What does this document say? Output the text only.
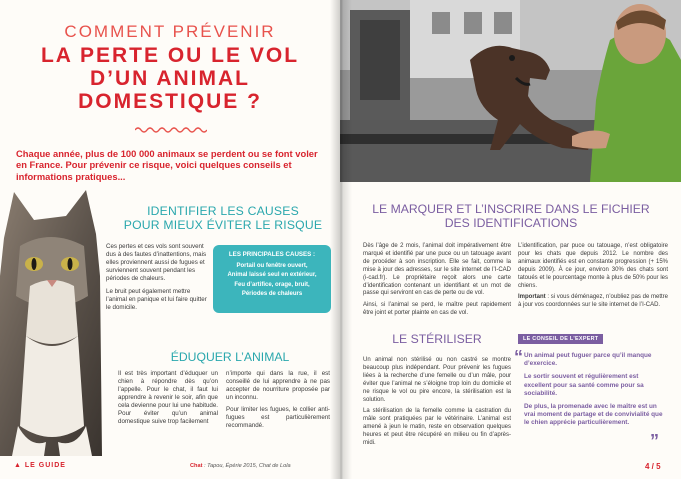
COMMENT PRÉVENIR
LA PERTE OU LE VOL
D’UN ANIMAL
DOMESTIQUE ?
Chaque année, plus de 100 000 animaux se perdent ou se font voler en France. Pour prévenir ce risque, voici quelques conseils et informations pratiques...
IDENTIFIER LES CAUSES
POUR MIEUX ÉVITER LE RISQUE

Ces pertes et ces vols sont souvent dus à des fautes d’inattentions, mais elles proviennent aussi de fugues et surviennent souvent pendant les périodes de chaleurs.

Le bruit peut également mettre l’animal en panique et lui faire quitter le domicile.

LES PRINCIPALES CAUSES :
Portail ou fenêtre ouvert,
Animal laissé seul en extérieur,
Feu d’artifice, orage, bruit,
Périodes de chaleurs
ÉDUQUER L’ANIMAL
Il est très important d’éduquer un chien à répondre dès qu’on l’appelle. Pour le chat, il faut lui apprendre à revenir le soir, afin que cela devienne pour lui une habitude. Pour éviter qu’un animal domestique suive trop facilement

n’importe qui dans la rue, il est conseillé de lui apprendre à ne pas accepter de nourriture proposée par un inconnu.

Pour limiter les fugues, le collier anti-fugues est particulièrement recommandé.

▲ LE GUIDE	Chat : Tapou, Épérie 2015, Chat de Lola
LE MARQUER ET L’INSCRIRE DANS LE FICHIER
DES IDENTIFICATIONS

Dès l’âge de 2 mois, l’animal doit impérativement être marqué et identifié par une puce ou un tatouage avant de procéder à son inscription. Elle se fait, comme la mise à jour des adresses, sur le site internet de l’I-CAD (i-cad.fr). Le propriétaire reçoit alors une carte d’identification contenant un identifiant et un mot de passe qui serviront en cas de perte ou de vol.

Ainsi, si l’animal se perd, le maître peut rapidement être joint et porter plainte en cas de vol.

L’identification, par puce ou tatouage, n’est obligatoire pour les chats que depuis 2012. Le nombre des animaux identifiés est en constante progression (+ 15% depuis 2009). À ce jour, environ 30% des chats sont tatoués et le pourcentage monte à plus de 50% pour les chiens.

Important : si vous déménagez, n’oubliez pas de mettre à jour vos coordonnées sur le site internet de l’I-CAD.

LE STÉRILISER

Un animal non stérilisé ou non castré se montre beaucoup plus indépendant. Pour prévenir les fugues liées à la recherche d’une femelle ou d’un mâle, pour éviter que l’animal ne s’éloigne trop loin du domicile et ne risque le vol ou pire encore, la stérilisation est la solution.

La stérilisation de la femelle comme la castration du mâle sont pratiquées par le vétérinaire. L’animal est amené à jeun le matin, reste en observation quelques heures et peut être récupéré en milieu ou fin d’après-midi.

LE CONSEIL DE L’EXPERT
“ Un animal peut fuguer parce qu’il manque d’exercice.

Le sortir souvent et régulièrement est excellent pour sa santé comme pour sa sociabilité.

De plus, la promenade avec le maître est un vrai moment de partage et de convivialité que le chien apprécie particulièrement.

”
4 / 5
